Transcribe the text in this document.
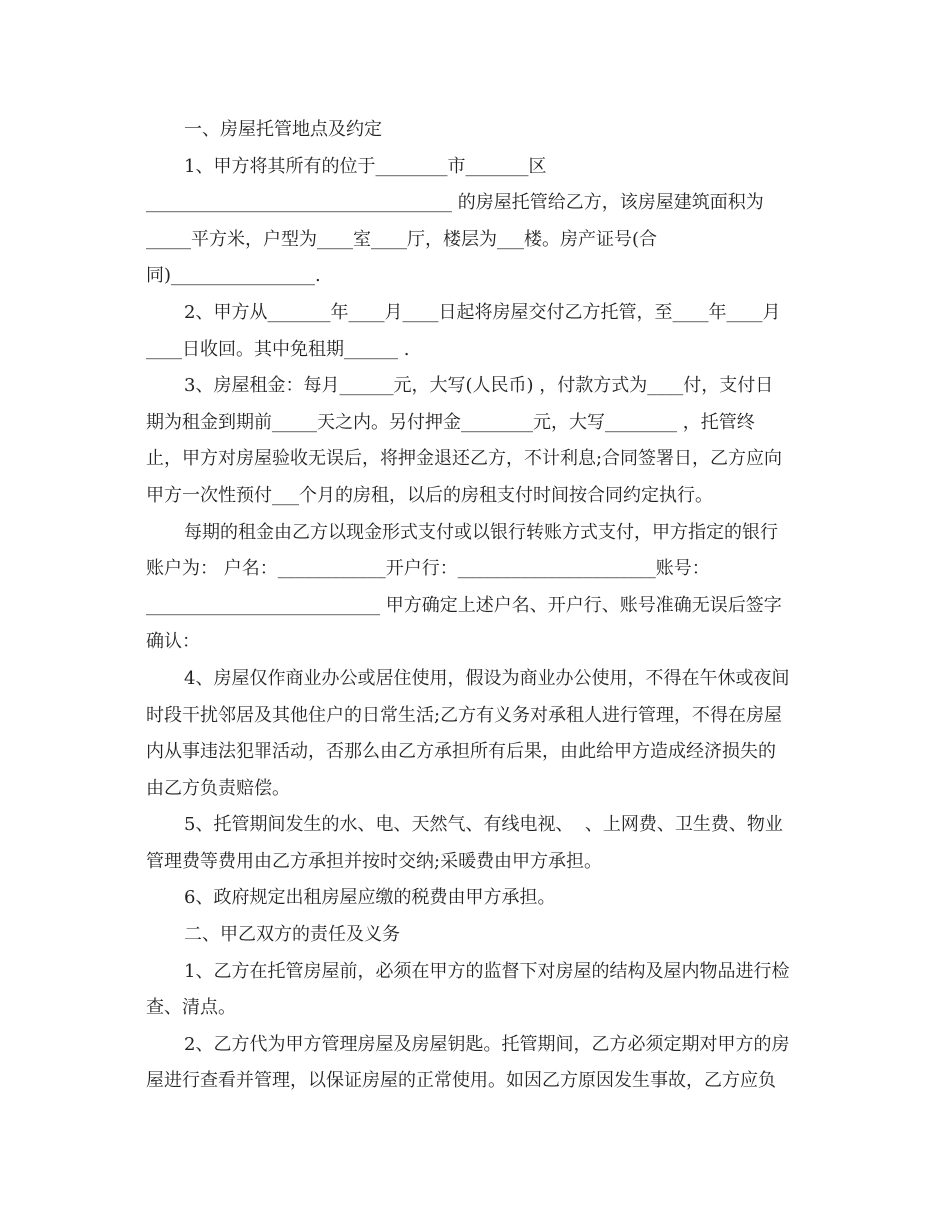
一、房屋托管地点及约定
1、甲方将其所有的位于________市_______区
__________________________________ 的房屋托管给乙方，该房屋建筑面积为
_____平方米，户型为____室____厅，楼层为___楼。房产证号(合
同)________________.
2、甲方从_______年____月____日起将房屋交付乙方托管，至____年____月
____日收回。其中免租期______ .
3、房屋租金：每月______元，大写(人民币) ，付款方式为____付，支付日
期为租金到期前_____天之内。另付押金________元，大写________ ，托管终
止，甲方对房屋验收无误后，将押金退还乙方，不计利息;合同签署日，乙方应向
甲方一次性预付___个月的房租，以后的房租支付时间按合同约定执行。
每期的租金由乙方以现金形式支付或以银行转账方式支付，甲方指定的银行
账户为： 户名：____________开户行：______________________账号：
__________________________ 甲方确定上述户名、开户行、账号准确无误后签字
确认：
4、房屋仅作商业办公或居住使用，假设为商业办公使用，不得在午休或夜间
时段干扰邻居及其他住户的日常生活;乙方有义务对承租人进行管理，不得在房屋
内从事违法犯罪活动，否那么由乙方承担所有后果，由此给甲方造成经济损失的
由乙方负责赔偿。
5、托管期间发生的水、电、天然气、有线电视、  、上网费、卫生费、物业
管理费等费用由乙方承担并按时交纳;采暖费由甲方承担。
6、政府规定出租房屋应缴的税费由甲方承担。
二、甲乙双方的责任及义务
1、乙方在托管房屋前，必须在甲方的监督下对房屋的结构及屋内物品进行检
查、清点。
2、乙方代为甲方管理房屋及房屋钥匙。托管期间，乙方必须定期对甲方的房
屋进行查看并管理，以保证房屋的正常使用。如因乙方原因发生事故，乙方应负
